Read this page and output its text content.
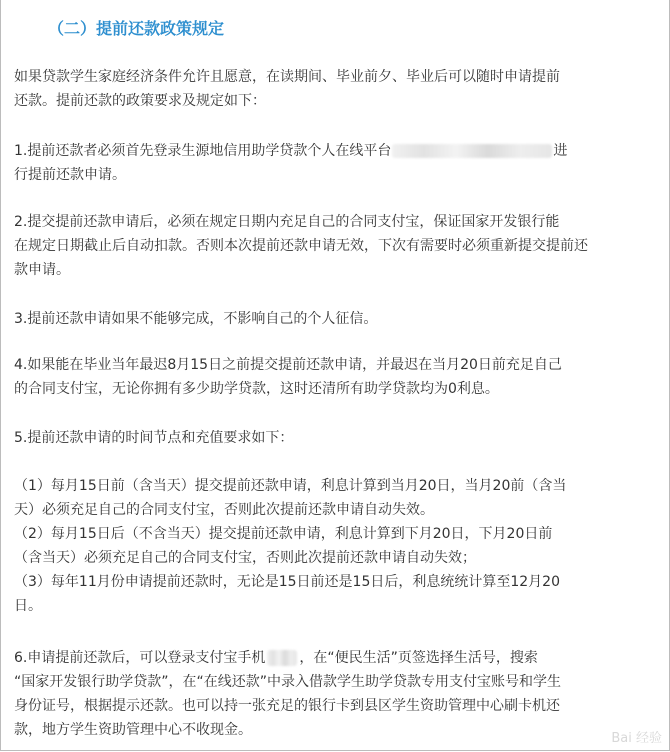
（二）提前还款政策规定
如果贷款学生家庭经济条件允许且愿意，在读期间、毕业前夕、毕业后可以随时申请提前
还款。提前还款的政策要求及规定如下：
1.提前还款者必须首先登录生源地信用助学贷款个人在线平台	进
行提前还款申请。
2.提交提前还款申请后，必须在规定日期内充足自己的合同支付宝，保证国家开发银行能
在规定日期截止后自动扣款。否则本次提前还款申请无效，下次有需要时必须重新提交提前还
款申请。
3.提前还款申请如果不能够完成，不影响自己的个人征信。
4.如果能在毕业当年最迟8月15日之前提交提前还款申请，并最迟在当月20日前充足自己
的合同支付宝，无论你拥有多少助学贷款，这时还清所有助学贷款均为0利息。
5.提前还款申请的时间节点和充值要求如下：
（1）每月15日前（含当天）提交提前还款申请，利息计算到当月20日，当月20前（含当
天）必须充足自己的合同支付宝，否则此次提前还款申请自动失效。
（2）每月15日后（不含当天）提交提前还款申请，利息计算到下月20日，下月20日前
（含当天）必须充足自己的合同支付宝，否则此次提前还款申请自动失效；
（3）每年11月份申请提前还款时，无论是15日前还是15日后，利息统统计算至12月20
日。
6.申请提前还款后，可以登录支付宝手机 ，在“便民生活”页签选择生活号，搜索
“国家开发银行助学贷款”，在“在线还款”中录入借款学生助学贷款专用支付宝账号和学生
身份证号，根据提示还款。也可以持一张充足的银行卡到县区学生资助管理中心刷卡机还
款，地方学生资助管理中心不收现金。
Bai 经验
